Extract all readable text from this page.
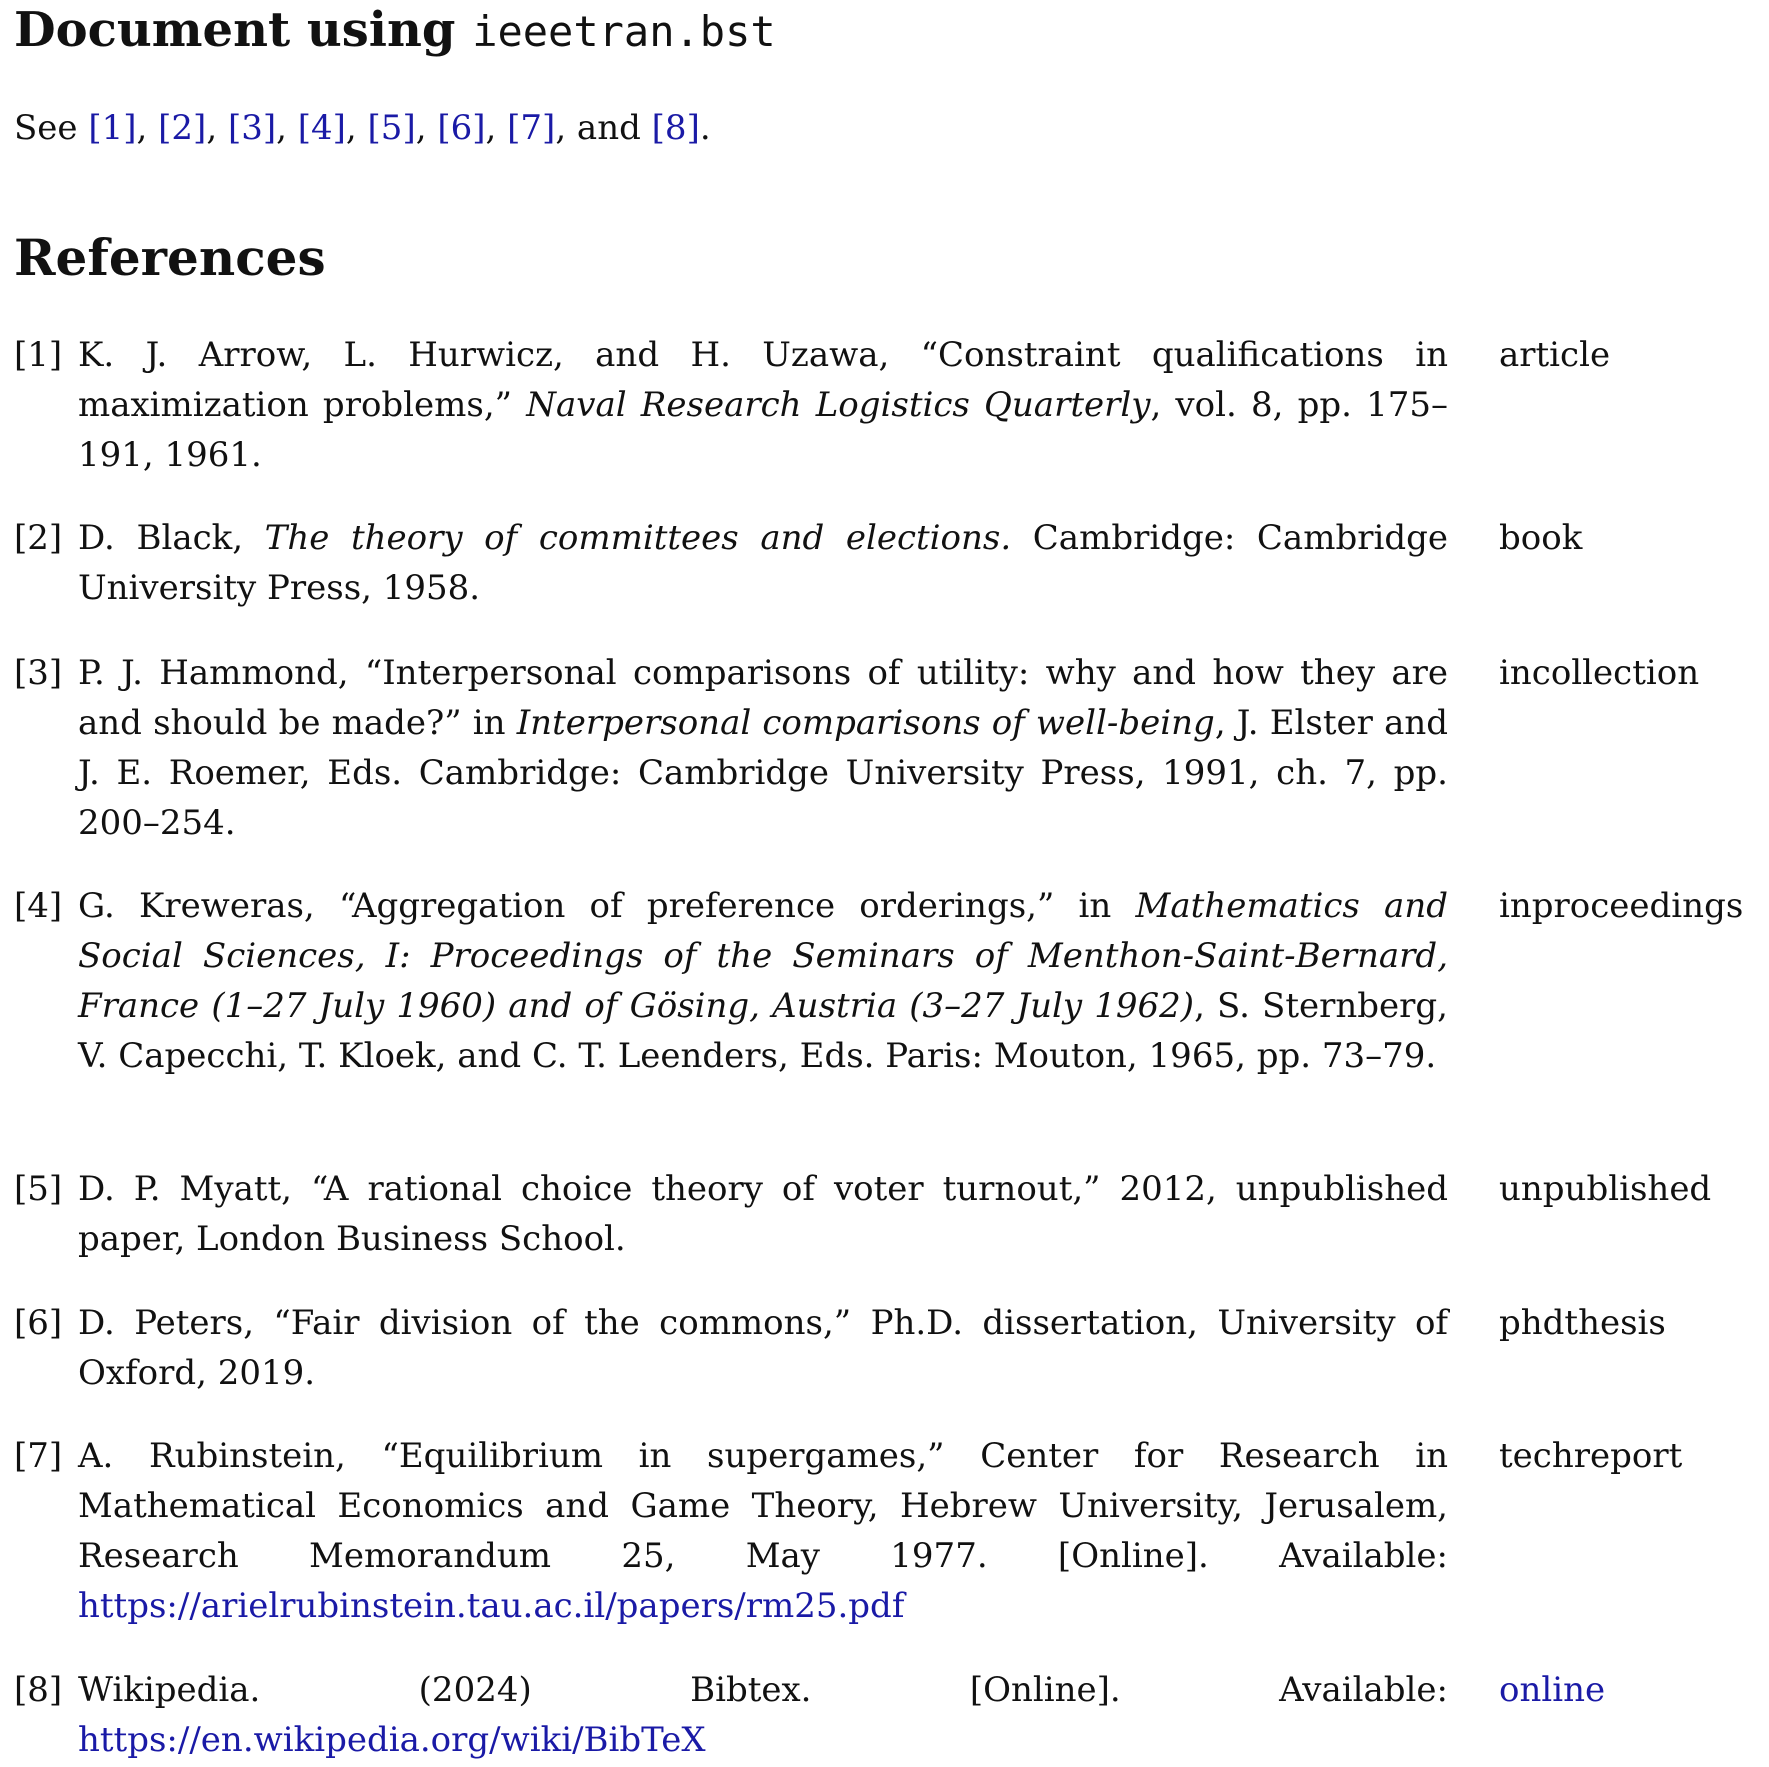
Document using ieeetran.bst
See [1], [2], [3], [4], [5], [6], [7], and [8].
References
[1] K. J. Arrow, L. Hurwicz, and H. Uzawa, “Constraint qualifications in maximization problems,” Naval Research Logistics Quarterly, vol. 8, pp. 175–191, 1961.
article
[2] D. Black, The theory of committees and elections. Cambridge: Cambridge University Press, 1958.
book
[3] P. J. Hammond, “Interpersonal comparisons of utility: why and how they are and should be made?” in Interpersonal comparisons of well-being, J. Elster and J. E. Roemer, Eds. Cambridge: Cambridge University Press, 1991, ch. 7, pp. 200–254.
incollection
[4] G. Kreweras, “Aggregation of preference orderings,” in Mathematics and Social Sciences, I: Proceedings of the Seminars of Menthon-Saint-Bernard, France (1–27 July 1960) and of Gösing, Austria (3–27 July 1962), S. Sternberg, V. Capecchi, T. Kloek, and C. T. Leenders, Eds. Paris: Mouton, 1965, pp. 73–79.
inproceedings
[5] D. P. Myatt, “A rational choice theory of voter turnout,” 2012, unpublished paper, London Business School.
unpublished
[6] D. Peters, “Fair division of the commons,” Ph.D. dissertation, University of Oxford, 2019.
phdthesis
[7] A. Rubinstein, “Equilibrium in supergames,” Center for Research in Mathematical Economics and Game Theory, Hebrew University, Jerusalem, Research Memorandum 25, May 1977. [Online]. Available: https://arielrubinstein.tau.ac.il/papers/rm25.pdf
techreport
[8] Wikipedia. (2024) Bibtex. [Online]. Available: https://en.wikipedia.org/wiki/BibTeX
online
